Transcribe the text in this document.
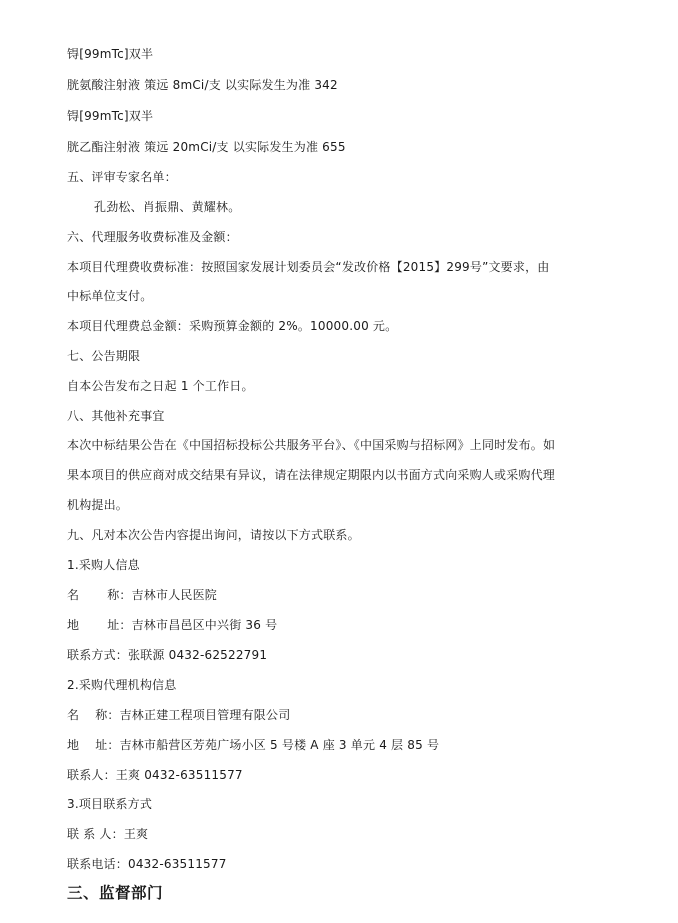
锝[99mTc]双半
胱氨酸注射液 策远 8mCi/支 以实际发生为准 342
锝[99mTc]双半
胱乙酯注射液 策远 20mCi/支 以实际发生为准 655
五、评审专家名单：
孔劲松、肖振鼎、黄耀林。
六、代理服务收费标准及金额：
本项目代理费收费标准：按照国家发展计划委员会“发改价格【2015】299号”文要求，由
中标单位支付。
本项目代理费总金额：采购预算金额的 2%。10000.00 元。
七、公告期限
自本公告发布之日起 1 个工作日。
八、其他补充事宜
本次中标结果公告在《中国招标投标公共服务平台》、《中国采购与招标网》上同时发布。如
果本项目的供应商对成交结果有异议，请在法律规定期限内以书面方式向采购人或采购代理
机构提出。
九、凡对本次公告内容提出询问，请按以下方式联系。
1.采购人信息
名 称：吉林市人民医院
地 址：吉林市昌邑区中兴街 36 号
联系方式：张联源 0432-62522791
2.采购代理机构信息
名 称：吉林正建工程项目管理有限公司
地 址：吉林市船营区芳苑广场小区 5 号楼 A 座 3 单元 4 层 85 号
联系人：王爽 0432-63511577
3.项目联系方式
联 系 人：王爽
联系电话：0432-63511577
三、监督部门
